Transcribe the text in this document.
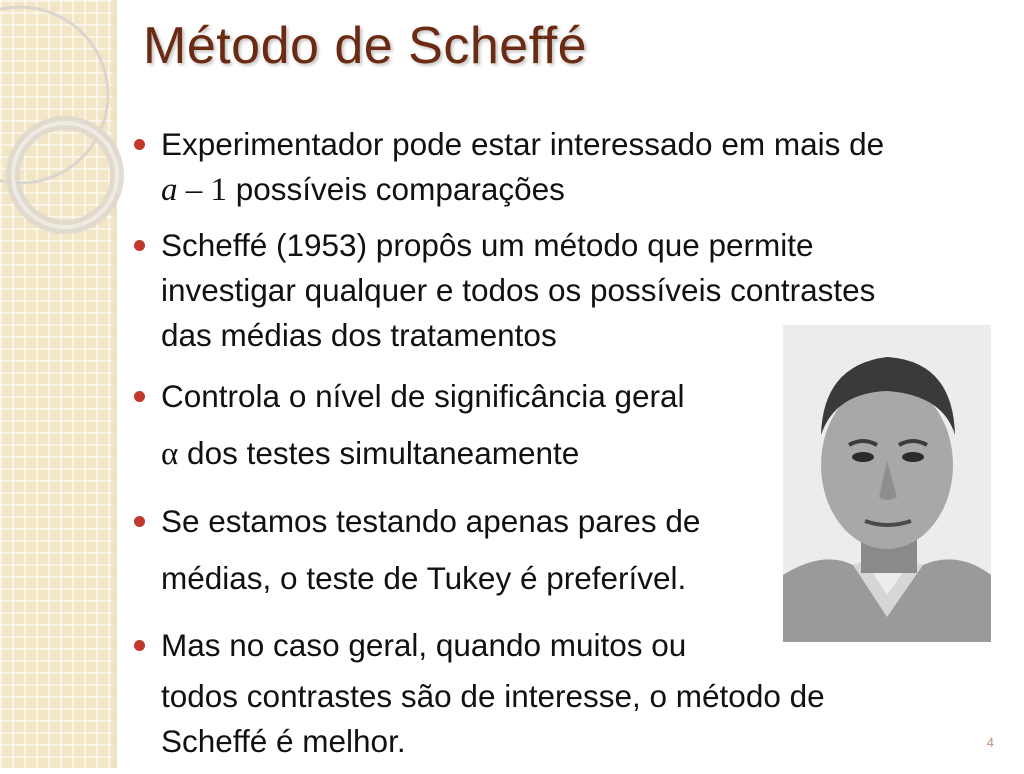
Método de Scheffé
Experimentador pode estar interessado em mais de
a – 1 possíveis comparações
Scheffé (1953) propôs um método que permite
investigar qualquer e todos os possíveis contrastes
das médias dos tratamentos
Controla o nível de significância geral
α dos testes simultaneamente
Se estamos testando apenas pares de
médias, o teste de Tukey é preferível.
Mas no caso geral, quando muitos ou
todos contrastes são de interesse, o método de
Scheffé é melhor.	4
